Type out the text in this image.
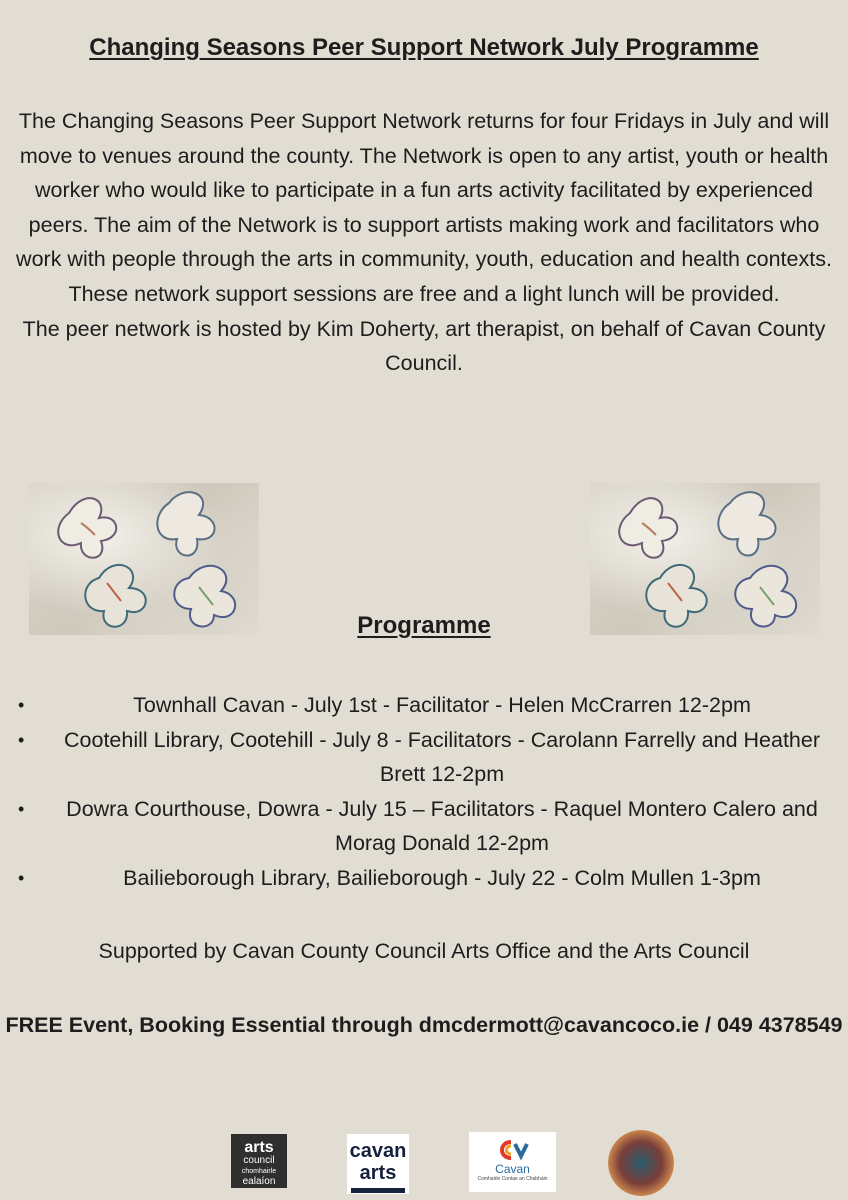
Changing Seasons Peer Support Network July Programme

The Changing Seasons Peer Support Network returns for four Fridays in July and will move to venues around the county. The Network is open to any artist, youth or health worker who would like to participate in a fun arts activity facilitated by experienced peers. The aim of the Network is to support artists making work and facilitators who work with people through the arts in community, youth, education and health contexts. These network support sessions are free and a light lunch will be provided.

The peer network is hosted by Kim Doherty, art therapist, on behalf of Cavan County Council.

Programme
•	Townhall Cavan - July 1st - Facilitator - Helen McCrarren 12-2pm
• Cootehill Library, Cootehill - July 8 - Facilitators - Carolann Farrelly and Heather Brett 12-2pm
• Dowra Courthouse, Dowra - July 15 – Facilitators - Raquel Montero Calero and Morag Donald 12-2pm
•	Bailieborough Library, Bailieborough - July 22 - Colm Mullen 1-3pm
Supported by Cavan County Council Arts Office and the Arts Council
FREE Event, Booking Essential through dmcdermott@cavancoco.ie / 049 4378549
arts
council
chomhairle
ealaíon
cavan
arts	Cavan
Comhairle Contae an Chabháin
